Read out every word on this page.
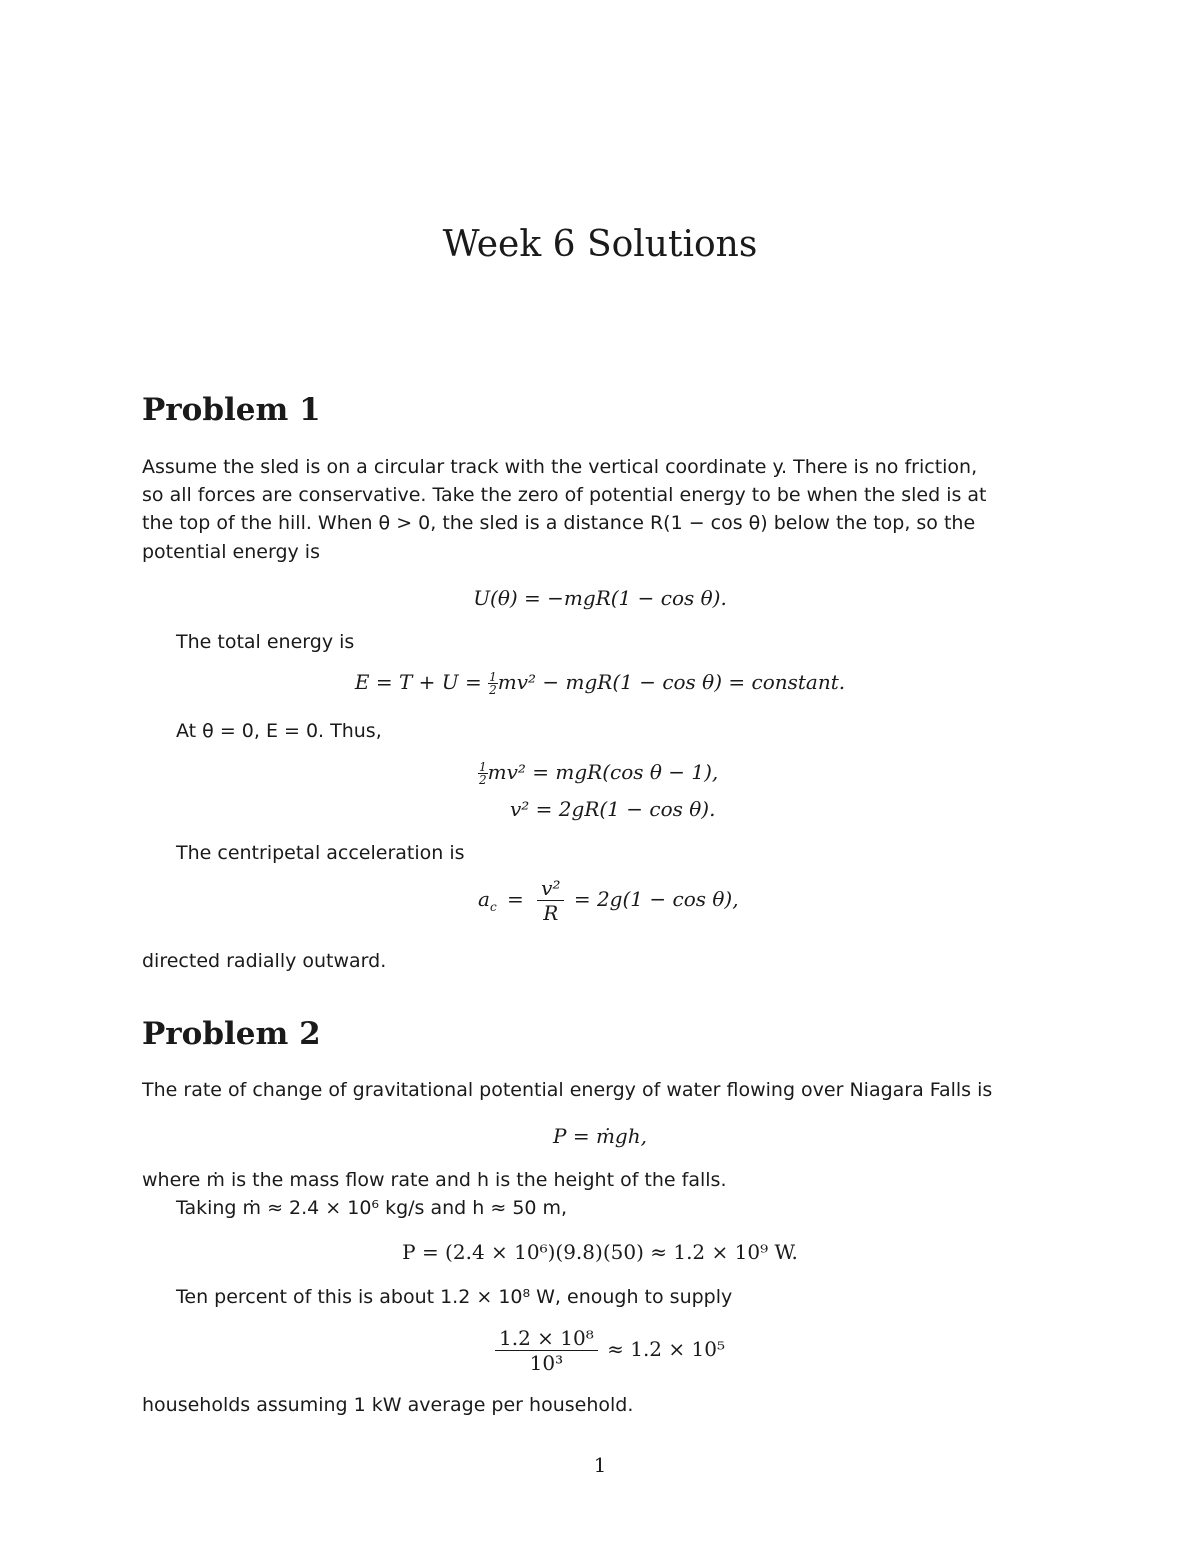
Week 6 Solutions
Problem 1
Assume the sled is on a circular track with the vertical coordinate y. There is no friction,
so all forces are conservative. Take the zero of potential energy to be when the sled is at
the top of the hill. When θ > 0, the sled is a distance R(1 − cos θ) below the top, so the
potential energy is
U(θ) = −mgR(1 − cos θ).
The total energy is
$E = T + U = \frac{1}{2} mv^2 - mgR(1 - \cos \theta)$ = constant.
At θ = 0, E = 0. Thus,
$\frac{1}{2} mv^2 = mgR(\cos$ θ − 1),
v² = 2gR(1 − cos θ).
The centripetal acceleration is
$a_c = \frac{\text{v²}}{R} = 2g(1 - \cos \theta)$,
directed radially outward.
Problem 2
The rate of change of gravitational potential energy of water flowing over Niagara Falls is
P = ṁgh,
where ṁ is the mass flow rate and h is the height of the falls.
Taking ṁ ≈ 2.4 × 10⁶ kg/s and h ≈ 50 m,
P = (2.4 × 10⁶)(9.8)(50) ≈ 1.2 × 10⁹ W.
Ten percent of this is about 1.2 × 10⁸ W, enough to supply
$\frac{\text{1.2 × 10⁸}}{\text{10³}} \approx 1.2 \times 10^5$
households assuming 1 kW average per household.
1
